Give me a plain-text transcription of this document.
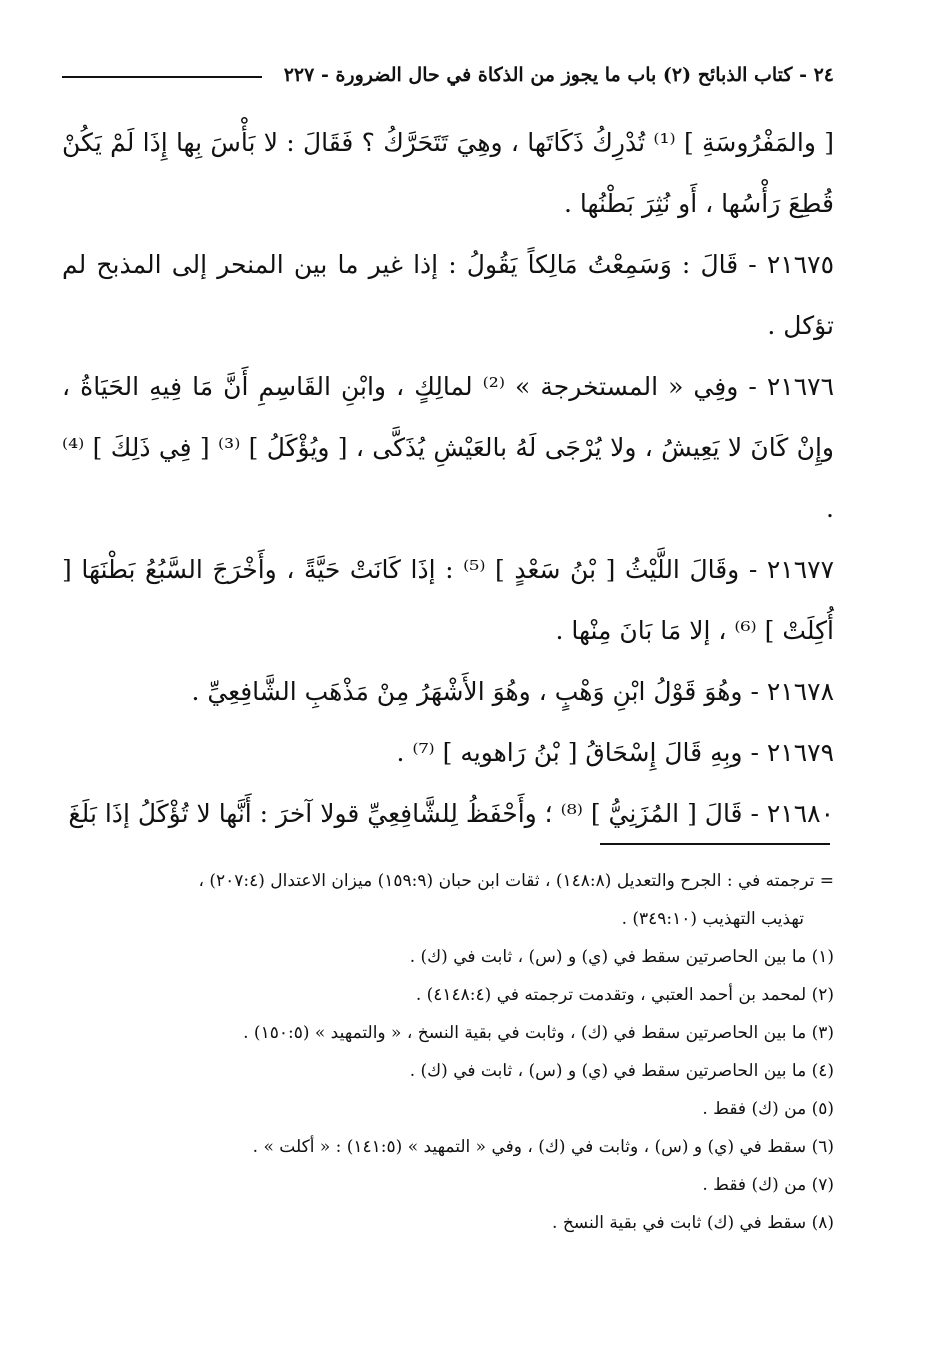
٢٤ - كتاب الذبائح (٢) باب ما يجوز من الذكاة في حال الضرورة - ٢٢٧

[ والمَفْرُوسَةِ ] ⁽¹⁾ تُدْرِكُ ذَكَاتَها ، وهِيَ تَتَحَرَّكُ ؟ فَقَالَ : لا بَأْسَ بِها إِذَا لَمْ يَكُنْ قُطِعَ رَأْسُها ، أَو نُثِرَ بَطْنُها .

٢١٦٧٥ - قَالَ : وَسَمِعْتُ مَالِكاً يَقُولُ : إذا غير ما بين المنحر إلى المذبح لم تؤكل .

٢١٦٧٦ - وفِي « المستخرجة » ⁽²⁾ لمالِكٍ ، وابْنِ القَاسِمِ أَنَّ مَا فِيهِ الحَيَاةُ ، وإِنْ كَانَ لا يَعِيشُ ، ولا يُرْجَى لَهُ بالعَيْشِ يُذَكَّى ، [ ويُؤْكَلُ ] ⁽³⁾ [ فِي ذَلِكَ ] ⁽⁴⁾ .

٢١٦٧٧ - وقَالَ اللَّيْثُ [ بْنُ سَعْدٍ ] ⁽⁵⁾ : إذَا كَانَتْ حَيَّةً ، وأَخْرَجَ السَّبُعُ بَطْنَهَا [ أُكِلَتْ ] ⁽⁶⁾ ، إلا مَا بَانَ مِنْها .

٢١٦٧٨ - وهُوَ قَوْلُ ابْنِ وَهْبٍ ، وهُوَ الأَشْهَرُ مِنْ مَذْهَبِ الشَّافِعِيِّ .

٢١٦٧٩ - وبِهِ قَالَ إِسْحَاقُ [ بْنُ رَاهويه ] ⁽⁷⁾ .

٢١٦٨٠ - قَالَ [ المُزَنِيُّ ] ⁽⁸⁾ ؛ وأَحْفَظُ لِلشَّافِعِيِّ قولا آخرَ : أَنَّها لا تُؤْكَلُ إذَا بَلَغَ

= ترجمته في : الجرح والتعديل (١٤٨:٨) ، ثقات ابن حبان (١٥٩:٩) ميزان الاعتدال (٢٠٧:٤) ،

تهذيب التهذيب (٣٤٩:١٠) .

(١) ما بين الحاصرتين سقط في (ي) و (س) ، ثابت في (ك) .

(٢) لمحمد بن أحمد العتبي ، وتقدمت ترجمته في (٤١٤٨:٤) .

(٣) ما بين الحاصرتين سقط في (ك) ، وثابت في بقية النسخ ، « والتمهيد » (١٥٠:٥) .

(٤) ما بين الحاصرتين سقط في (ي) و (س) ، ثابت في (ك) .

(٥) من (ك) فقط .

(٦) سقط في (ي) و (س) ، وثابت في (ك) ، وفي « التمهيد » (١٤١:٥) : « أكلت » .

(٧) من (ك) فقط .

(٨) سقط في (ك) ثابت في بقية النسخ .
